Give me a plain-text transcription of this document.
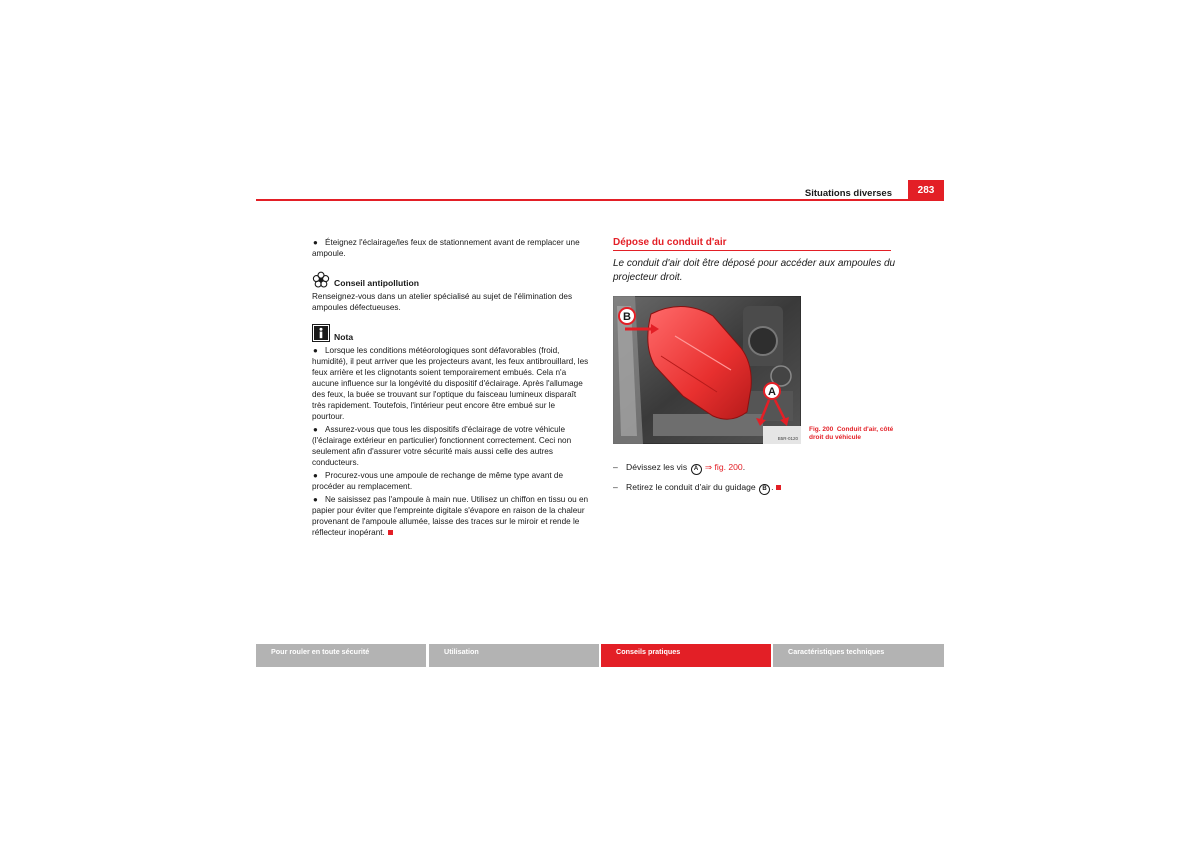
Situations diverses	283
● Éteignez l'éclairage/les feux de stationnement avant de remplacer une ampoule.
Conseil antipollution
Renseignez-vous dans un atelier spécialisé au sujet de l'élimination des ampoules défectueuses.
Nota
● Lorsque les conditions météorologiques sont défavorables (froid, humidité), il peut arriver que les projecteurs avant, les feux antibrouillard, les feux arrière et les clignotants soient temporairement embués. Cela n'a aucune influence sur la longévité du dispositif d'éclairage. Après l'allumage des feux, la buée se trouvant sur l'optique du faisceau lumineux disparaît très rapidement. Toutefois, l'intérieur peut encore être embué sur le pourtour.
● Assurez-vous que tous les dispositifs d'éclairage de votre véhicule (l'éclairage extérieur en particulier) fonctionnent correctement. Ceci non seulement afin d'assurer votre sécurité mais aussi celle des autres conducteurs.
● Procurez-vous une ampoule de rechange de même type avant de procéder au remplacement.
● Ne saisissez pas l'ampoule à main nue. Utilisez un chiffon en tissu ou en papier pour éviter que l'empreinte digitale s'évapore en raison de la chaleur provenant de l'ampoule allumée, laisse des traces sur le miroir et rende le réflecteur inopérant.
Dépose du conduit d'air
Le conduit d'air doit être déposé pour accéder aux ampoules du projecteur droit.
B
A
B5R-0120
Fig. 200 Conduit d'air, côté droit du véhicule
– Dévissez les vis A ⇒ fig. 200.
– Retirez le conduit d'air du guidage B .
Pour rouler en toute sécurité	Utilisation	Conseils pratiques	Caractéristiques techniques
